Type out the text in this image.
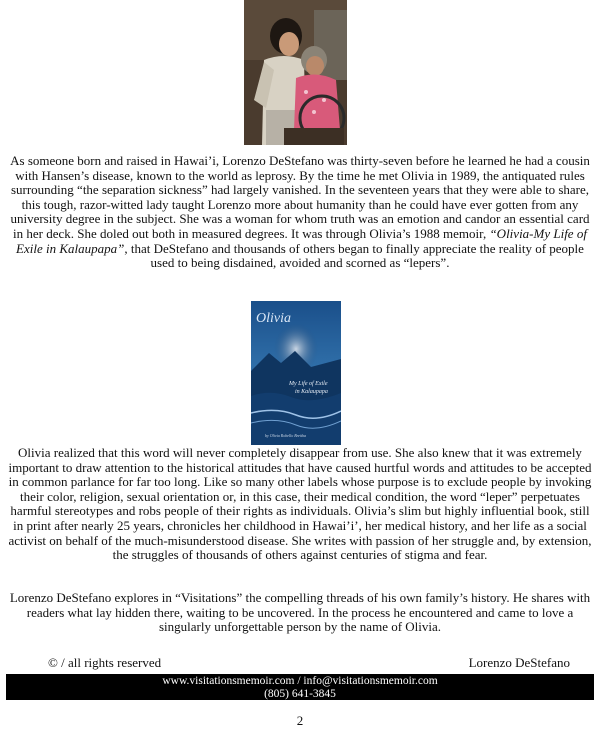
As someone born and raised in Hawai’i, Lorenzo DeStefano was thirty-seven before he learned he had a cousin with Hansen’s disease, known to the world as leprosy. By the time he met Olivia in 1989, the antiquated rules surrounding “the separation sickness” had largely vanished. In the seventeen years that they were able to share, this tough, razor-witted lady taught Lorenzo more about humanity than he could have ever gotten from any university degree in the subject. She was a woman for whom truth was an emotion and candor an essential card in her deck. She doled out both in measured degrees. It was through Olivia’s 1988 memoir, “Olivia-My Life of Exile in Kalaupapa”, that DeStefano and thousands of others began to finally appreciate the reality of people used to being disdained, avoided and scorned as “lepers”.

Olivia
My Life of Exile
in Kalaupapa
by Olivia Robello Breitha

Olivia realized that this word will never completely disappear from use. She also knew that it was extremely important to draw attention to the historical attitudes that have caused hurtful words and attitudes to be accepted in common parlance for far too long. Like so many other labels whose purpose is to exclude people by invoking their color, religion, sexual orientation or, in this case, their medical condition, the word “leper” perpetuates harmful stereotypes and robs people of their rights as individuals. Olivia’s slim but highly influential book, still in print after nearly 25 years, chronicles her childhood in Hawai’i’, her medical history, and her life as a social activist on behalf of the much-misunderstood disease. She writes with passion of her struggle and, by extension, the struggles of thousands of others against centuries of stigma and fear.

Lorenzo DeStefano explores in “Visitations” the compelling threads of his own family’s history. He shares with readers what lay hidden there, waiting to be uncovered. In the process he encountered and came to love a singularly unforgettable person by the name of Olivia.

© / all rights reserved	Lorenzo DeStefano
www.visitationsmemoir.com / info@visitationsmemoir.com
(805) 641-3845
2
